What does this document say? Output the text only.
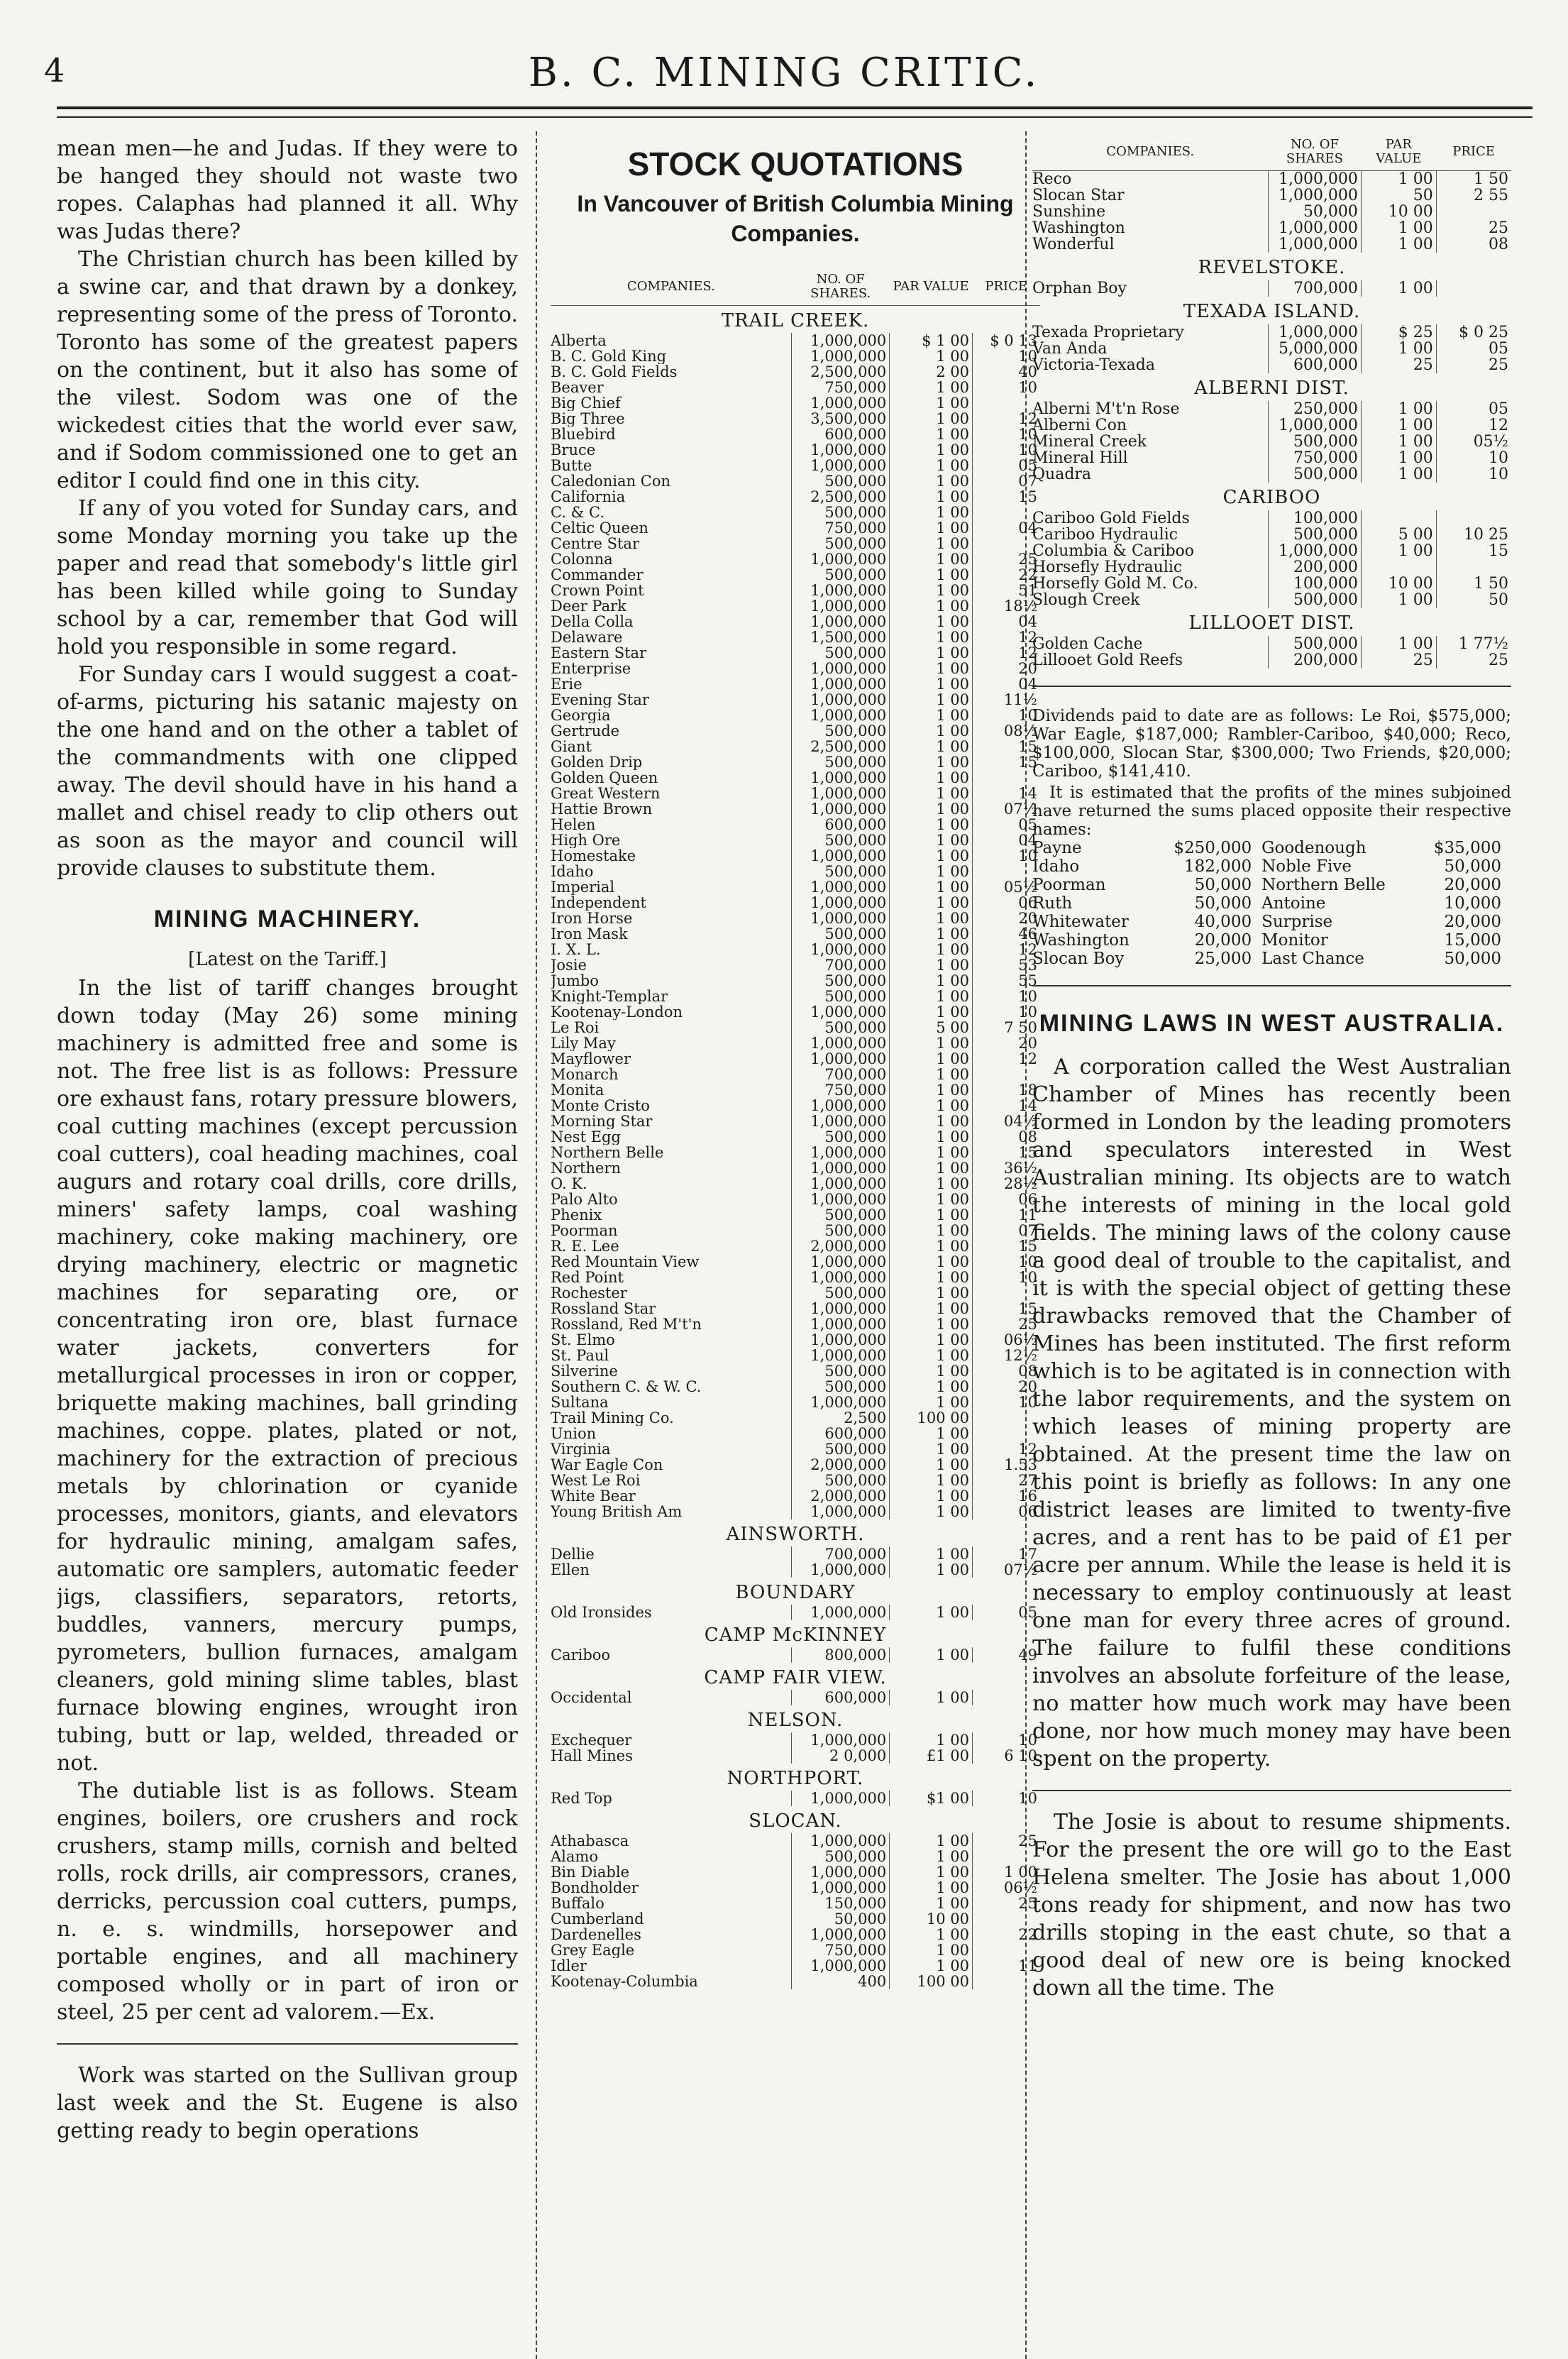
4	B. C. MINING CRITIC.

mean men—he and Judas. If they were to be hanged they should not waste two ropes. Calaphas had planned it all. Why was Judas there?

The Christian church has been killed by a swine car, and that drawn by a donkey, representing some of the press of Toronto. Toronto has some of the greatest papers on the continent, but it also has some of the vilest. Sodom was one of the wickedest cities that the world ever saw, and if Sodom commissioned one to get an editor I could find one in this city.

If any of you voted for Sunday cars, and some Monday morning you take up the paper and read that somebody's little girl has been killed while going to Sunday school by a car, remember that God will hold you responsible in some regard.

For Sunday cars I would suggest a coat-of-arms, picturing his satanic majesty on the one hand and on the other a tablet of the commandments with one clipped away. The devil should have in his hand a mallet and chisel ready to clip others out as soon as the mayor and council will provide clauses to substitute them.

MINING MACHINERY.
[Latest on the Tariff.]

In the list of tariff changes brought down today (May 26) some mining machinery is admitted free and some is not. The free list is as follows: Pressure ore exhaust fans, rotary pressure blowers, coal cutting machines (except percussion coal cutters), coal heading machines, coal augurs and rotary coal drills, core drills, miners' safety lamps, coal washing machinery, coke making machinery, ore drying machinery, electric or magnetic machines for separating ore, or concentrating iron ore, blast furnace water jackets, converters for metallurgical processes in iron or copper, briquette making machines, ball grinding machines, coppe. plates, plated or not, machinery for the extraction of precious metals by chlorination or cyanide processes, monitors, giants, and elevators for hydraulic mining, amalgam safes, automatic ore samplers, automatic feeder jigs, classifiers, separators, retorts, buddles, vanners, mercury pumps, pyrometers, bullion furnaces, amalgam cleaners, gold mining slime tables, blast furnace blowing engines, wrought iron tubing, butt or lap, welded, threaded or not.

The dutiable list is as follows. Steam engines, boilers, ore crushers and rock crushers, stamp mills, cornish and belted rolls, rock drills, air compressors, cranes, derricks, percussion coal cutters, pumps, n. e. s. windmills, horsepower and portable engines, and all machinery composed wholly or in part of iron or steel, 25 per cent ad valorem.—Ex.

Work was started on the Sullivan group last week and the St. Eugene is also getting ready to begin operations

STOCK QUOTATIONS
In Vancouver of British Columbia Mining Companies.
COMPANIES.	NO. OF SHARES.	PAR VALUE	PRICE
TRAIL CREEK.			
Alberta	1,000,000	$ 1 00	$ 0 13
B. C. Gold King	1,000,000	1 00	10
B. C. Gold Fields	2,500,000	2 00	40
Beaver	750,000	1 00	10
Big Chief	1,000,000	1 00	
Big Three	3,500,000	1 00	12
Bluebird	600,000	1 00	10
Bruce	1,000,000	1 00	10
Butte	1,000,000	1 00	05
Caledonian Con	500,000	1 00	07
California	2,500,000	1 00	15
C. & C.	500,000	1 00	
Celtic Queen	750,000	1 00	04
Centre Star	500,000	1 00	
Colonna	1,000,000	1 00	25
Commander	500,000	1 00	22
Crown Point	1,000,000	1 00	51
Deer Park	1,000,000	1 00	18½
Della Colla	1,000,000	1 00	04
Delaware	1,500,000	1 00	12
Eastern Star	500,000	1 00	12
Enterprise	1,000,000	1 00	20
Erie	1,000,000	1 00	04
Evening Star	1,000,000	1 00	11½
Georgia	1,000,000	1 00	10
Gertrude	500,000	1 00	08½
Giant	2,500,000	1 00	15
Golden Drip	500,000	1 00	15
Golden Queen	1,000,000	1 00	
Great Western	1,000,000	1 00	14
Hattie Brown	1,000,000	1 00	07½
Helen	600,000	1 00	05
High Ore	500,000	1 00	04
Homestake	1,000,000	1 00	10
Idaho	500,000	1 00	
Imperial	1,000,000	1 00	05½
Independent	1,000,000	1 00	06
Iron Horse	1,000,000	1 00	20
Iron Mask	500,000	1 00	46
I. X. L.	1,000,000	1 00	12
Josie	700,000	1 00	53
Jumbo	500,000	1 00	55
Knight-Templar	500,000	1 00	10
Kootenay-London	1,000,000	1 00	10
Le Roi	500,000	5 00	7 50
Lily May	1,000,000	1 00	20
Mayflower	1,000,000	1 00	12
Monarch	700,000	1 00	
Monita	750,000	1 00	18
Monte Cristo	1,000,000	1 00	14
Morning Star	1,000,000	1 00	04½
Nest Egg	500,000	1 00	08
Northern Belle	1,000,000	1 00	15
Northern	1,000,000	1 00	36½
O. K.	1,000,000	1 00	28½
Palo Alto	1,000,000	1 00	06
Phenix	500,000	1 00	11
Poorman	500,000	1 00	07
R. E. Lee	2,000,000	1 00	15
Red Mountain View	1,000,000	1 00	10
Red Point	1,000,000	1 00	10
Rochester	500,000	1 00	
Rossland Star	1,000,000	1 00	15
Rossland, Red M't'n	1,000,000	1 00	25
St. Elmo	1,000,000	1 00	06½
St. Paul	1,000,000	1 00	12½
Silverine	500,000	1 00	08
Southern C. & W. C.	500,000	1 00	20
Sultana	1,000,000	1 00	10
Trail Mining Co.	2,500	100 00	
Union	600,000	1 00	
Virginia	500,000	1 00	12
War Eagle Con	2,000,000	1 00	1.53
West Le Roi	500,000	1 00	27
White Bear	2,000,000	1 00	16
Young British Am	1,000,000	1 00	06
AINSWORTH.			
Dellie	700,000	1 00	17
Ellen	1,000,000	1 00	07½
BOUNDARY			
Old Ironsides	1,000,000	1 00	05
CAMP McKINNEY			
Cariboo	800,000	1 00	49
CAMP FAIR VIEW.			
Occidental	600,000	1 00	
NELSON.			
Exchequer	1,000,000	1 00	10
Hall Mines	2 0,000	£1 00	6 10
NORTHPORT.			
Red Top	1,000,000	$1 00	10
SLOCAN.			
Athabasca	1,000,000	1 00	25
Alamo	500,000	1 00	
Bin Diable	1,000,000	1 00	1 00
Bondholder	1,000,000	1 00	06½
Buffalo	150,000	1 00	25
Cumberland	50,000	10 00	
Dardenelles	1,000,000	1 00	22
Grey Eagle	750,000	1 00	
Idler	1,000,000	1 00	11
Kootenay-Columbia	400	100 00	
COMPANIES.	NO. OF SHARES	PAR VALUE	PRICE
Reco	1,000,000	1 00	1 50
Slocan Star	1,000,000	50	2 55
Sunshine	50,000	10 00	
Washington	1,000,000	1 00	25
Wonderful	1,000,000	1 00	08
REVELSTOKE.			
Orphan Boy	700,000	1 00	
TEXADA ISLAND.			
Texada Proprietary	1,000,000	$ 25	$ 0 25
Van Anda	5,000,000	1 00	05
Victoria-Texada	600,000	25	25
ALBERNI DIST.			
Alberni M't'n Rose	250,000	1 00	05
Alberni Con	1,000,000	1 00	12
Mineral Creek	500,000	1 00	05½
Mineral Hill	750,000	1 00	10
Quadra	500,000	1 00	10
CARIBOO			
Cariboo Gold Fields	100,000		
Cariboo Hydraulic	500,000	5 00	10 25
Columbia & Cariboo	1,000,000	1 00	15
Horsefly Hydraulic	200,000		
Horsefly Gold M. Co.	100,000	10 00	1 50
Slough Creek	500,000	1 00	50
LILLOOET DIST.			
Golden Cache	500,000	1 00	1 77½
Lillooet Gold Reefs	200,000	25	25
Dividends paid to date are as follows: Le Roi, $575,000; War Eagle, $187,000; Rambler-Cariboo, $40,000; Reco, $100,000, Slocan Star, $300,000; Two Friends, $20,000; Cariboo, $141,410.
It is estimated that the profits of the mines subjoined have returned the sums placed opposite their respective names:
Payne	$250,000	Goodenough	$35,000
Idaho	182,000	Noble Five	50,000
Poorman	50,000	Northern Belle	20,000
Ruth	50,000	Antoine	10,000
Whitewater	40,000	Surprise	20,000
Washington	20,000	Monitor	15,000
Slocan Boy	25,000	Last Chance	50,000
MINING LAWS IN WEST AUSTRALIA.

A corporation called the West Australian Chamber of Mines has recently been formed in London by the leading promoters and speculators interested in West Australian mining. Its objects are to watch the interests of mining in the local gold fields. The mining laws of the colony cause a good deal of trouble to the capitalist, and it is with the special object of getting these drawbacks removed that the Chamber of Mines has been instituted. The first reform which is to be agitated is in connection with the labor requirements, and the system on which leases of mining property are obtained. At the present time the law on this point is briefly as follows: In any one district leases are limited to twenty-five acres, and a rent has to be paid of £1 per acre per annum. While the lease is held it is necessary to employ continuously at least one man for every three acres of ground. The failure to fulfil these conditions involves an absolute forfeiture of the lease, no matter how much work may have been done, nor how much money may have been spent on the property.

The Josie is about to resume shipments. For the present the ore will go to the East Helena smelter. The Josie has about 1,000 tons ready for shipment, and now has two drills stoping in the east chute, so that a good deal of new ore is being knocked down all the time. The
